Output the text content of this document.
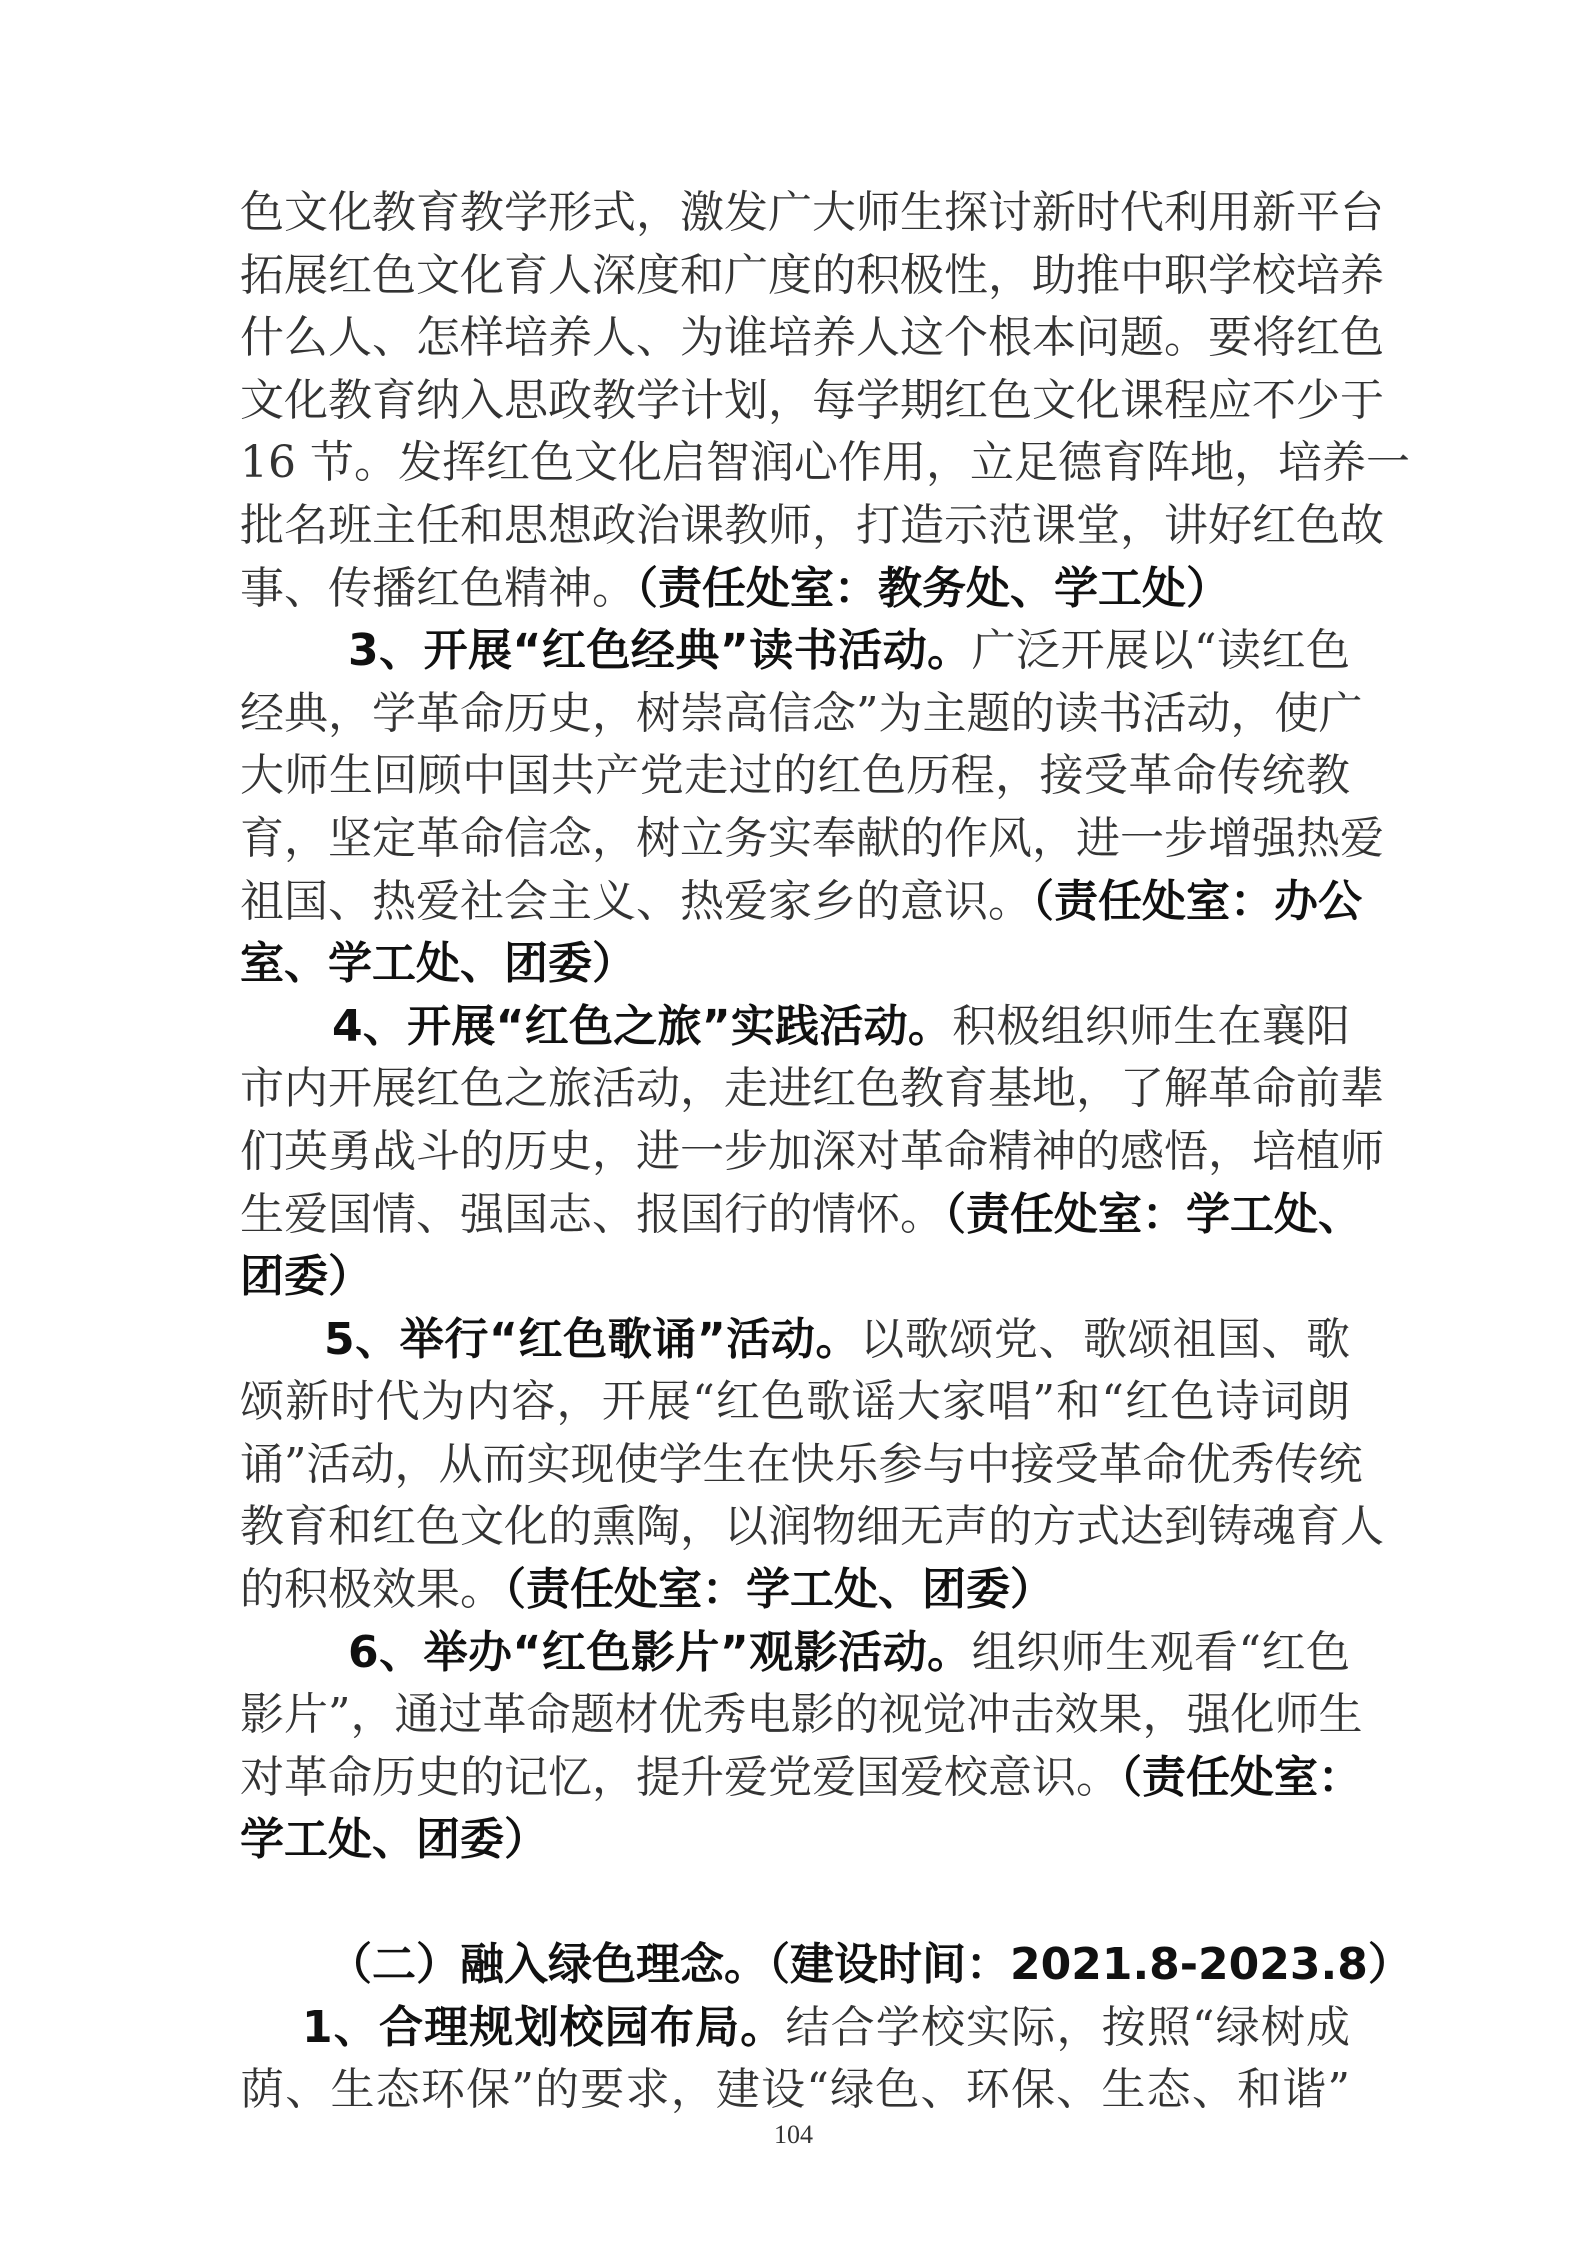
色文化教育教学形式，激发广大师生探讨新时代利用新平台
拓展红色文化育人深度和广度的积极性，助推中职学校培养
什么人、怎样培养人、为谁培养人这个根本问题。要将红色
文化教育纳入思政教学计划，每学期红色文化课程应不少于
16 节。发挥红色文化启智润心作用，立足德育阵地，培养一
批名班主任和思想政治课教师，打造示范课堂，讲好红色故
事、传播红色精神。（责任处室：教务处、学工处）
3、开展“红色经典”读书活动。广泛开展以“读红色
经典，学革命历史，树崇高信念”为主题的读书活动，使广
大师生回顾中国共产党走过的红色历程，接受革命传统教
育，坚定革命信念，树立务实奉献的作风，进一步增强热爱
祖国、热爱社会主义、热爱家乡的意识。（责任处室：办公
室、学工处、团委）
4、开展“红色之旅”实践活动。积极组织师生在襄阳
市内开展红色之旅活动，走进红色教育基地，了解革命前辈
们英勇战斗的历史，进一步加深对革命精神的感悟，培植师
生爱国情、强国志、报国行的情怀。（责任处室：学工处、
团委）
5、举行“红色歌诵”活动。以歌颂党、歌颂祖国、歌
颂新时代为内容，开展“红色歌谣大家唱”和“红色诗词朗
诵”活动，从而实现使学生在快乐参与中接受革命优秀传统
教育和红色文化的熏陶，以润物细无声的方式达到铸魂育人
的积极效果。（责任处室：学工处、团委）
6、举办“红色影片”观影活动。组织师生观看“红色
影片”，通过革命题材优秀电影的视觉冲击效果，强化师生
对革命历史的记忆，提升爱党爱国爱校意识。（责任处室：
学工处、团委）
（二）融入绿色理念。（建设时间：2021.8-2023.8）
1、合理规划校园布局。结合学校实际，按照“绿树成
荫、生态环保”的要求，建设“绿色、环保、生态、和谐”
104
